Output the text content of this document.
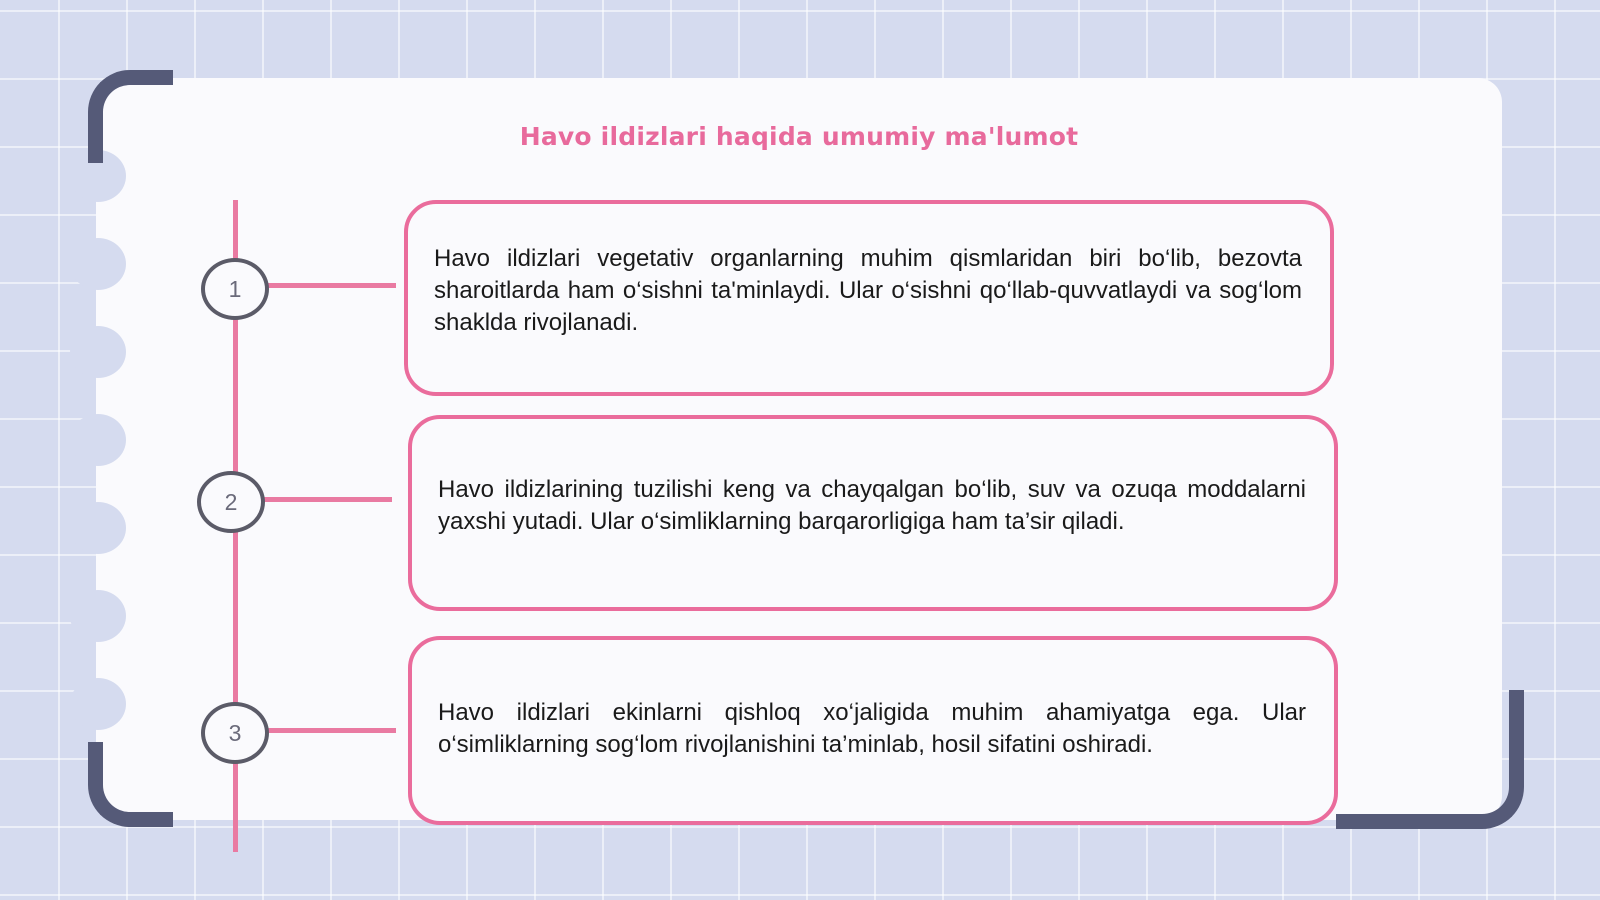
Havo ildizlari haqida umumiy ma'lumot
1
2
3

Havo ildizlari vegetativ organlarning muhim qismlaridan biri bo‘lib, bezovta sharoitlarda ham o‘sishni ta'minlaydi. Ular o‘sishni qo‘llab-quvvatlaydi va sog‘lom shaklda rivojlanadi.

Havo ildizlarining tuzilishi keng va chayqalgan bo‘lib, suv va ozuqa moddalarni yaxshi yutadi. Ular o‘simliklarning barqarorligiga ham ta’sir qiladi.

Havo ildizlari ekinlarni qishloq xo‘jaligida muhim ahamiyatga ega. Ular o‘simliklarning sog‘lom rivojlanishini ta’minlab, hosil sifatini oshiradi.
